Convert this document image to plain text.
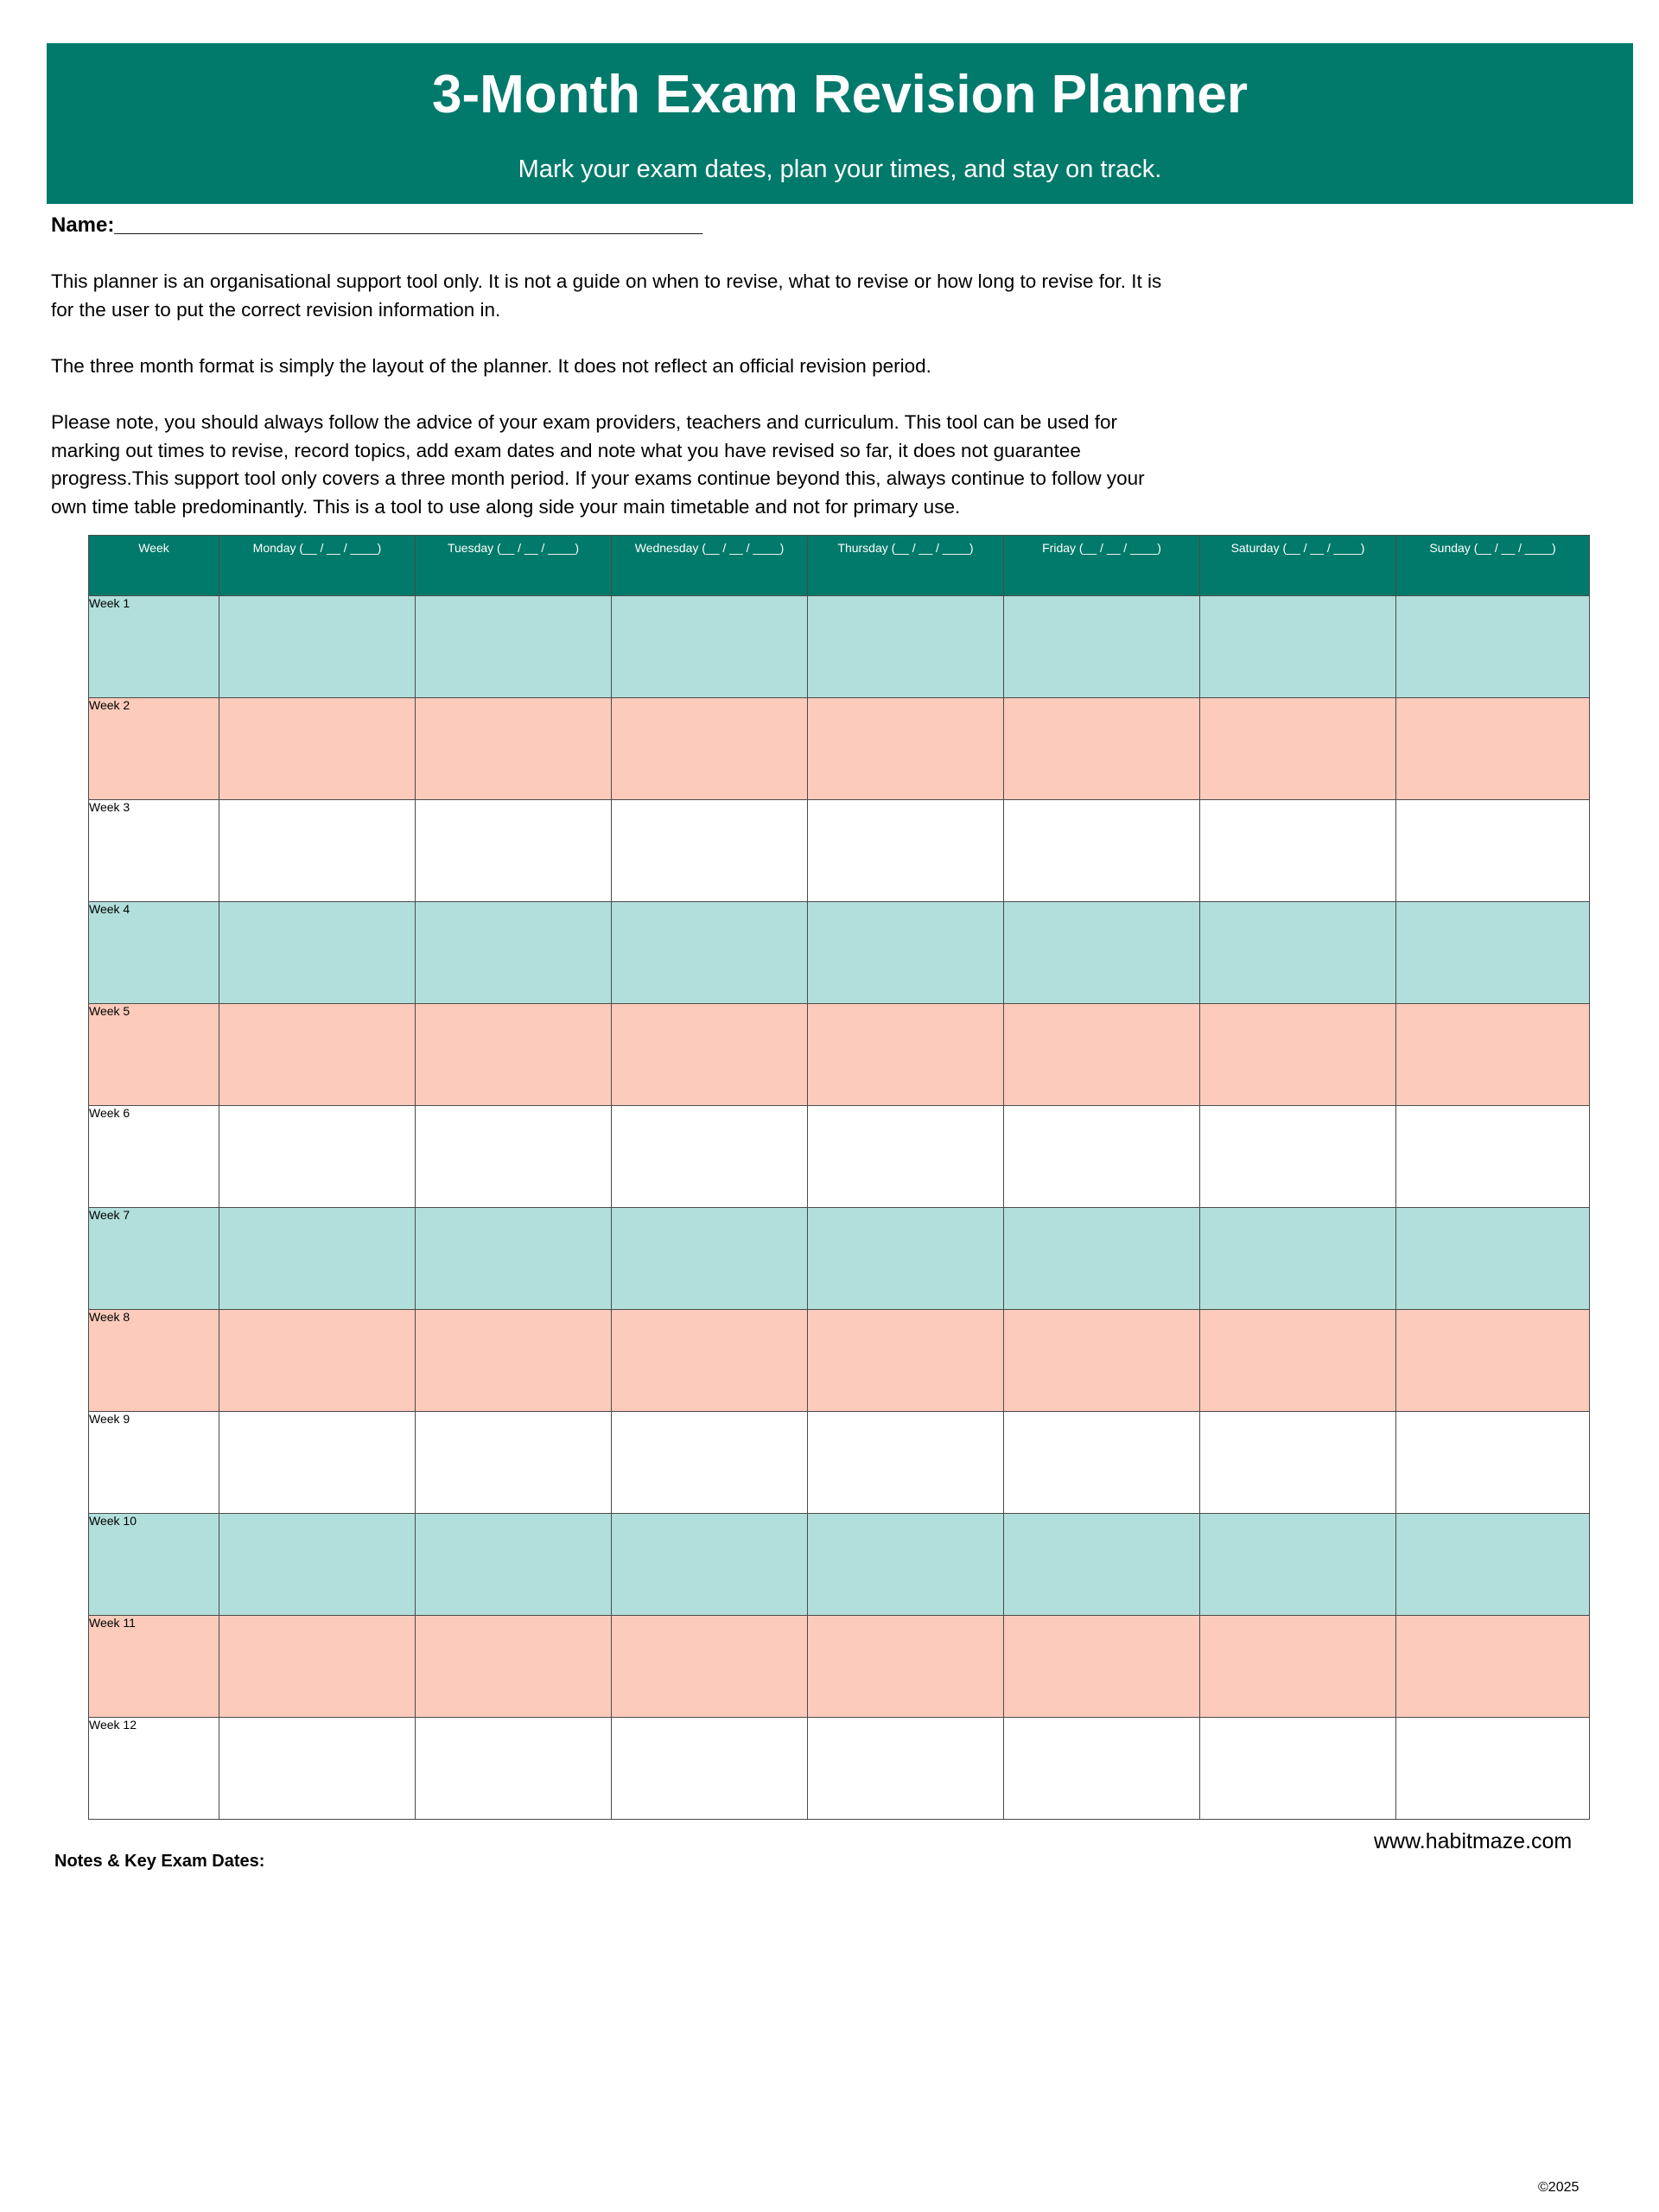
3-Month Exam Revision Planner
Mark your exam dates, plan your times, and stay on track.
Name:___________________________________________________
This planner is an organisational support tool only. It is not a guide on when to revise, what to revise or how long to revise for. It is for the user to put the correct revision information in.
The three month format is simply the layout of the planner. It does not reflect an official revision period.
Please note, you should always follow the advice of your exam providers, teachers and curriculum. This tool can be used for marking out times to revise, record topics, add exam dates and note what you have revised so far, it does not guarantee progress.This support tool only covers a three month period. If your exams continue beyond this, always continue to follow your own time table predominantly. This is a tool to use along side your main timetable and not for primary use.
Week	Monday (__ / __ / ____)	Tuesday (__ / __ / ____)	Wednesday (__ / __ / ____)	Thursday (__ / __ / ____)	Friday (__ / __ / ____)	Saturday (__ / __ / ____)	Sunday (__ / __ / ____)
Week 1							
Week 2							
Week 3							
Week 4							
Week 5							
Week 6							
Week 7							
Week 8							
Week 9							
Week 10							
Week 11							
Week 12							
www.habitmaze.com
Notes & Key Exam Dates:
©2025
